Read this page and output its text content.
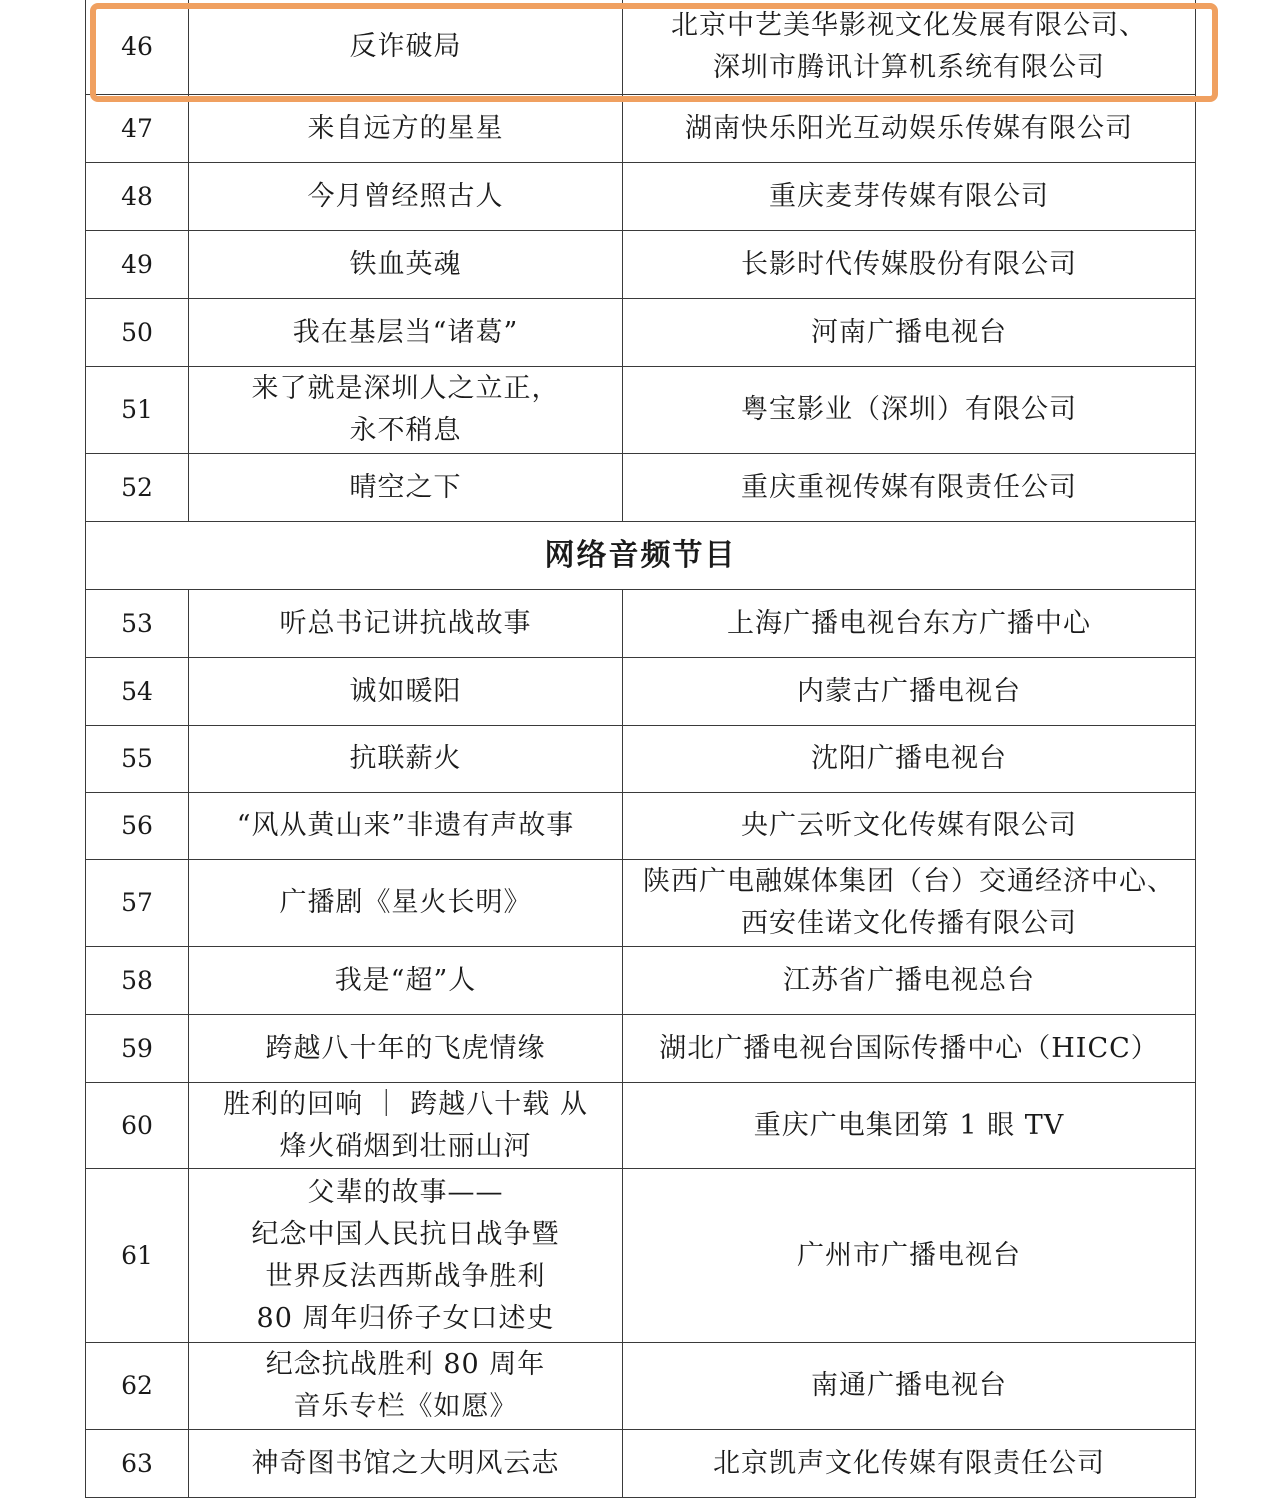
46	反诈破局	北京中艺美华影视文化发展有限公司、
深圳市腾讯计算机系统有限公司

47	来自远方的星星	湖南快乐阳光互动娱乐传媒有限公司

48	今月曾经照古人	重庆麦芽传媒有限公司

49	铁血英魂	长影时代传媒股份有限公司

50	我在基层当“诸葛”	河南广播电视台

51	来了就是深圳人之立正，
永不稍息	粤宝影业（深圳）有限公司

52	晴空之下	重庆重视传媒有限责任公司

网络音频节目		
53	听总书记讲抗战故事	上海广播电视台东方广播中心

54	诚如暖阳	内蒙古广播电视台

55	抗联薪火	沈阳广播电视台

56	“风从黄山来”非遗有声故事	央广云听文化传媒有限公司

57	广播剧《星火长明》	陕西广电融媒体集团（台）交通经济中心、
西安佳诺文化传播有限公司

58	我是“超”人	江苏省广播电视总台

59	跨越八十年的飞虎情缘	湖北广播电视台国际传播中心（HICC）

60	胜利的回响 ｜ 跨越八十载 从
烽火硝烟到壮丽山河	重庆广电集团第 1 眼 TV

61	父辈的故事——
纪念中国人民抗日战争暨
世界反法西斯战争胜利
80 周年归侨子女口述史	广州市广播电视台

62	纪念抗战胜利 80 周年
音乐专栏《如愿》	南通广播电视台

63	神奇图书馆之大明风云志	北京凯声文化传媒有限责任公司
